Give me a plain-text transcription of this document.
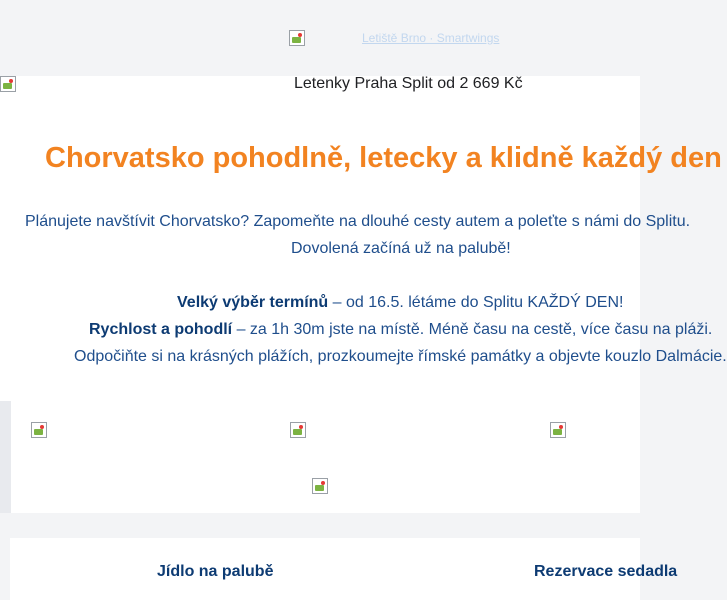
Letiště Brno · Smartwings
Letenky Praha Split od 2 669 Kč
Chorvatsko pohodlně, letecky a klidně každý den
Plánujete navštívit Chorvatsko? Zapomeňte na dlouhé cesty autem a poleťte s námi do Splitu.
Dovolená začíná už na palubě!
Velký výběr termínů – od 16.5. létáme do Splitu KAŽDÝ DEN!
Rychlost a pohodlí – za 1h 30m jste na místě. Méně času na cestě, více času na pláži.
Odpočiňte si na krásných plážích, prozkoumejte římské památky a objevte kouzlo Dalmácie.
Jídlo na palubě	Rezervace sedadla
